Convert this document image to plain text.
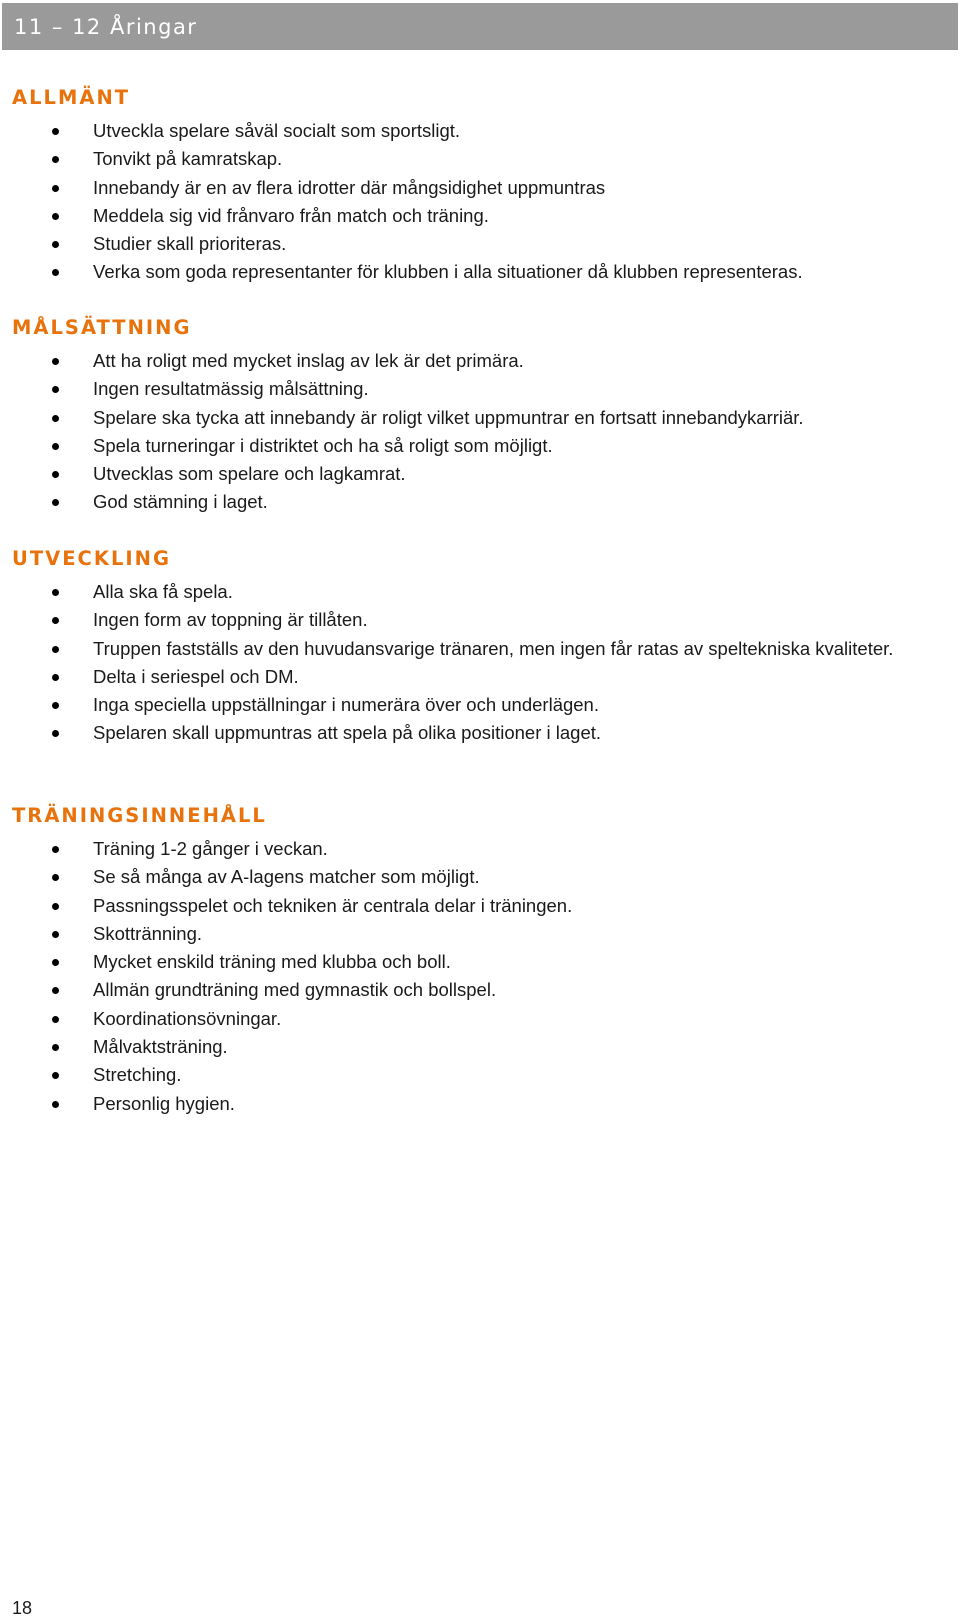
11 – 12 Åringar
ALLMÄNT
Utveckla spelare såväl socialt som sportsligt.
Tonvikt på kamratskap.
Innebandy är en av flera idrotter där mångsidighet uppmuntras
Meddela sig vid frånvaro från match och träning.
Studier skall prioriteras.
Verka som goda representanter för klubben i alla situationer då klubben representeras.
MÅLSÄTTNING
Att ha roligt med mycket inslag av lek är det primära.
Ingen resultatmässig målsättning.
Spelare ska tycka att innebandy är roligt vilket uppmuntrar en fortsatt innebandykarriär.
Spela turneringar i distriktet och ha så roligt som möjligt.
Utvecklas som spelare och lagkamrat.
God stämning i laget.
UTVECKLING
Alla ska få spela.
Ingen form av toppning är tillåten.
Truppen fastställs av den huvudansvarige tränaren, men ingen får ratas av speltekniska kvaliteter.
Delta i seriespel och DM.
Inga speciella uppställningar i numerära över och underlägen.
Spelaren skall uppmuntras att spela på olika positioner i laget.
TRÄNINGSINNEHÅLL
Träning 1-2 gånger i veckan.
Se så många av A-lagens matcher som möjligt.
Passningsspelet och tekniken är centrala delar i träningen.
Skottränning.
Mycket enskild träning med klubba och boll.
Allmän grundträning med gymnastik och bollspel.
Koordinationsövningar.
Målvaktsträning.
Stretching.
Personlig hygien.
18
